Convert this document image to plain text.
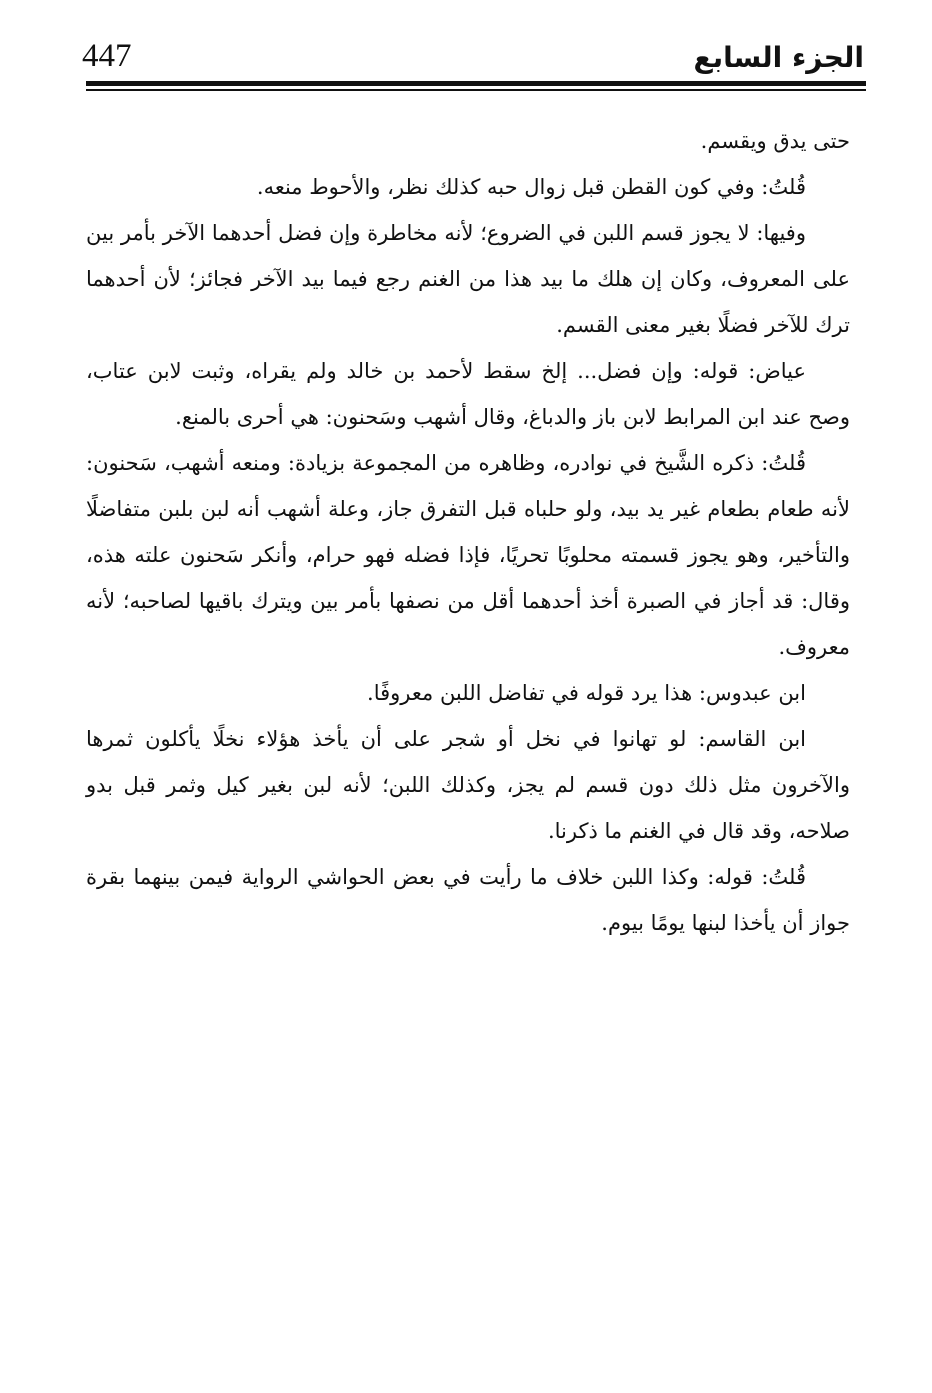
447	الجزء السابع

حتى يدق ويقسم.

قُلتُ: وفي كون القطن قبل زوال حبه كذلك نظر، والأحوط منعه.

وفيها: لا يجوز قسم اللبن في الضروع؛ لأنه مخاطرة وإن فضل أحدهما الآخر بأمر بين على المعروف، وكان إن هلك ما بيد هذا من الغنم رجع فيما بيد الآخر فجائز؛ لأن أحدهما ترك للآخر فضلًا بغير معنى القسم.

عياض: قوله: وإن فضل... إلخ سقط لأحمد بن خالد ولم يقراه، وثبت لابن عتاب، وصح عند ابن المرابط لابن باز والدباغ، وقال أشهب وسَحنون: هي أحرى بالمنع.

قُلتُ: ذكره الشَّيخ في نوادره، وظاهره من المجموعة بزيادة: ومنعه أشهب، سَحنون: لأنه طعام بطعام غير يد بيد، ولو حلباه قبل التفرق جاز، وعلة أشهب أنه لبن بلبن متفاضلًا والتأخير، وهو يجوز قسمته محلوبًا تحريًا، فإذا فضله فهو حرام، وأنكر سَحنون علته هذه، وقال: قد أجاز في الصبرة أخذ أحدهما أقل من نصفها بأمر بين ويترك باقيها لصاحبه؛ لأنه معروف.

ابن عبدوس: هذا يرد قوله في تفاضل اللبن معروفًا.

ابن القاسم: لو تهانوا في نخل أو شجر على أن يأخذ هؤلاء نخلًا يأكلون ثمرها والآخرون مثل ذلك دون قسم لم يجز، وكذلك اللبن؛ لأنه لبن بغير كيل وثمر قبل بدو صلاحه، وقد قال في الغنم ما ذكرنا.

قُلتُ: قوله: وكذا اللبن خلاف ما رأيت في بعض الحواشي الرواية فيمن بينهما بقرة جواز أن يأخذا لبنها يومًا بيوم.
